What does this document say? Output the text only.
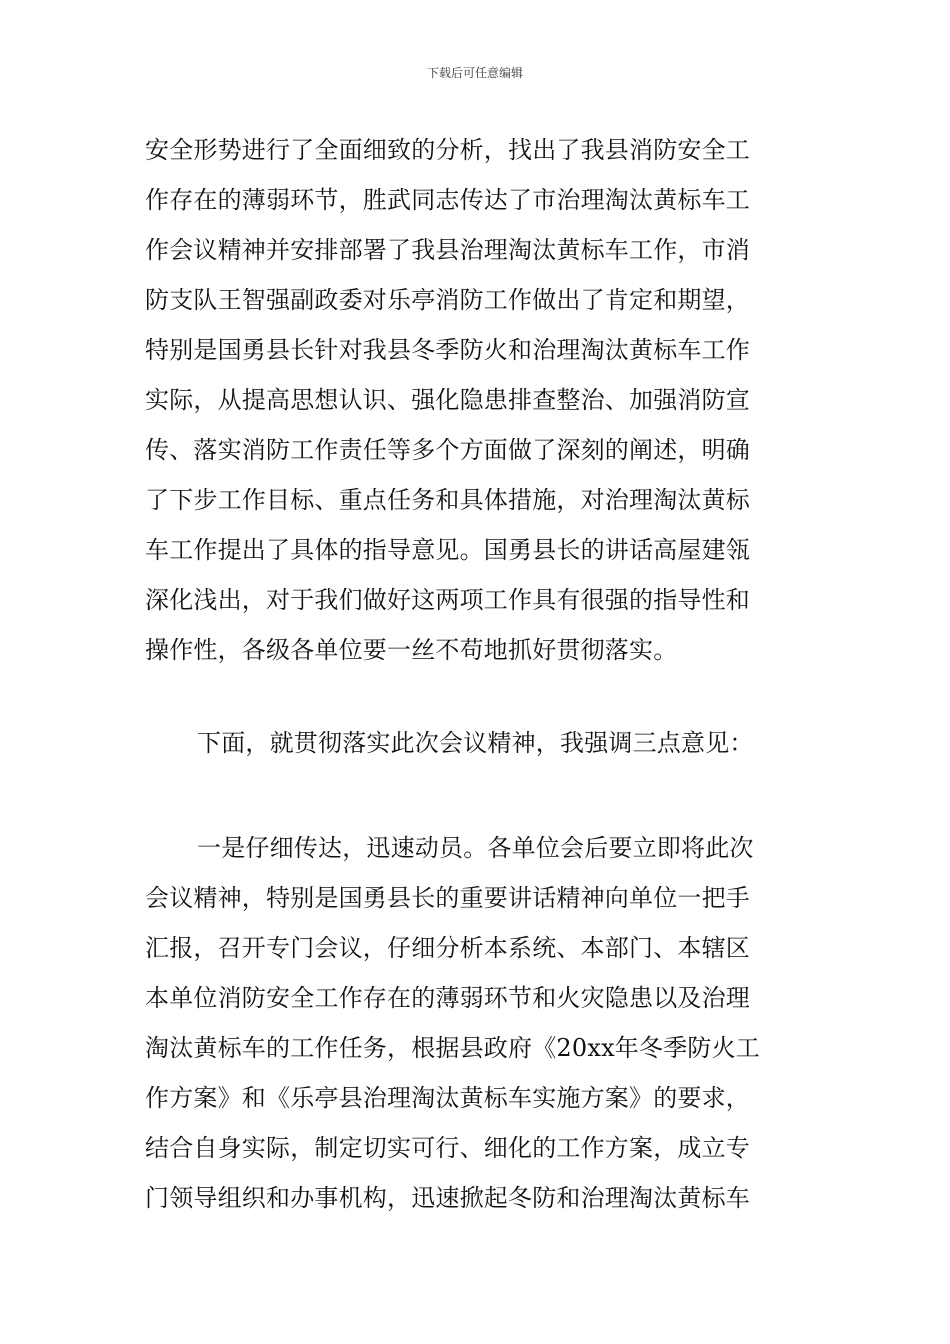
下载后可任意编辑
安全形势进行了全面细致的分析，找出了我县消防安全工
作存在的薄弱环节，胜武同志传达了市治理淘汰黄标车工
作会议精神并安排部署了我县治理淘汰黄标车工作，市消
防支队王智强副政委对乐亭消防工作做出了肯定和期望，
特别是国勇县长针对我县冬季防火和治理淘汰黄标车工作
实际，从提高思想认识、强化隐患排查整治、加强消防宣
传、落实消防工作责任等多个方面做了深刻的阐述，明确
了下步工作目标、重点任务和具体措施，对治理淘汰黄标
车工作提出了具体的指导意见。国勇县长的讲话高屋建瓴
深化浅出，对于我们做好这两项工作具有很强的指导性和
操作性，各级各单位要一丝不苟地抓好贯彻落实。
下面，就贯彻落实此次会议精神，我强调三点意见：
一是仔细传达，迅速动员。各单位会后要立即将此次
会议精神，特别是国勇县长的重要讲话精神向单位一把手
汇报，召开专门会议，仔细分析本系统、本部门、本辖区
本单位消防安全工作存在的薄弱环节和火灾隐患以及治理
淘汰黄标车的工作任务，根据县政府《20xx年冬季防火工
作方案》和《乐亭县治理淘汰黄标车实施方案》的要求，
结合自身实际，制定切实可行、细化的工作方案，成立专
门领导组织和办事机构，迅速掀起冬防和治理淘汰黄标车
